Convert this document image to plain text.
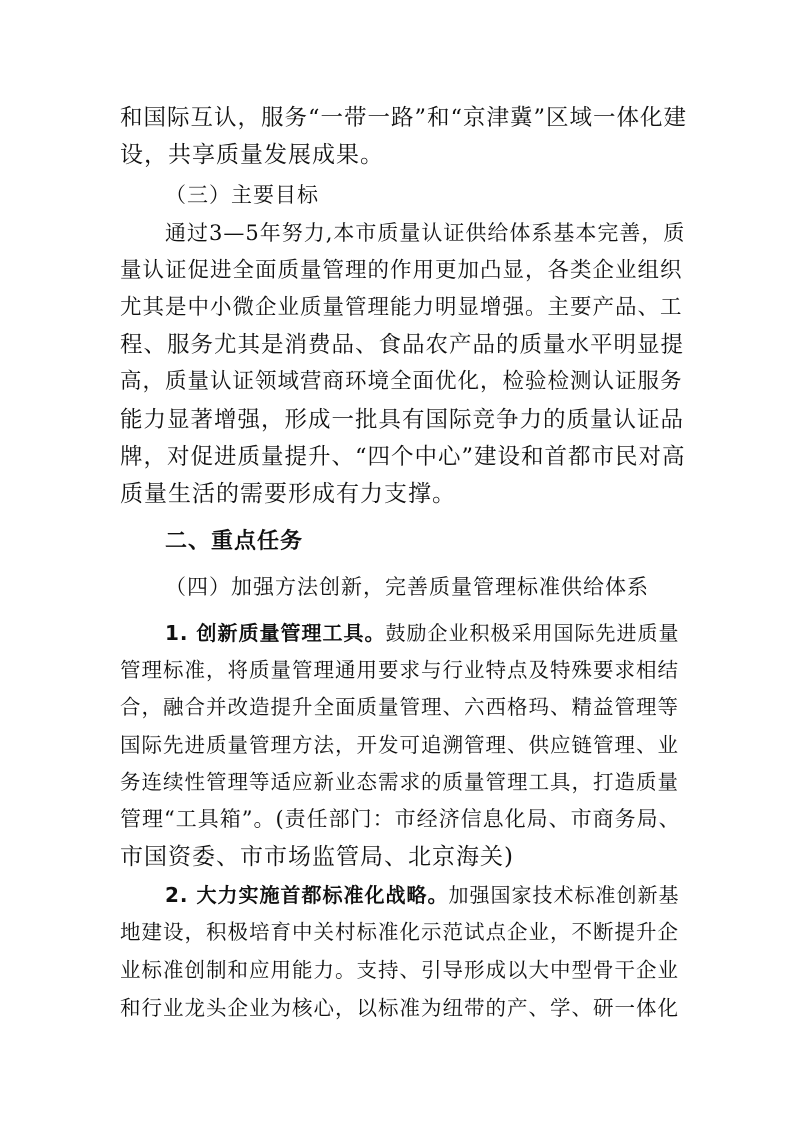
和国际互认，服务“一带一路”和“京津冀”区域一体化建
设，共享质量发展成果。
（三）主要目标
通过3—5年努力,本市质量认证供给体系基本完善，质
量认证促进全面质量管理的作用更加凸显，各类企业组织
尤其是中小微企业质量管理能力明显增强。主要产品、工
程、服务尤其是消费品、食品农产品的质量水平明显提
高，质量认证领域营商环境全面优化，检验检测认证服务
能力显著增强，形成一批具有国际竞争力的质量认证品
牌，对促进质量提升、“四个中心”建设和首都市民对高
质量生活的需要形成有力支撑。
二、重点任务
（四）加强方法创新，完善质量管理标准供给体系
1. 创新质量管理工具。鼓励企业积极采用国际先进质量
管理标准，将质量管理通用要求与行业特点及特殊要求相结
合，融合并改造提升全面质量管理、六西格玛、精益管理等
国际先进质量管理方法，开发可追溯管理、供应链管理、业
务连续性管理等适应新业态需求的质量管理工具，打造质量
管理“工具箱”。(责任部门：市经济信息化局、市商务局、
市国资委、市市场监管局、北京海关)
2. 大力实施首都标准化战略。加强国家技术标准创新基
地建设，积极培育中关村标准化示范试点企业，不断提升企
业标准创制和应用能力。支持、引导形成以大中型骨干企业
和行业龙头企业为核心，以标准为纽带的产、学、研一体化
